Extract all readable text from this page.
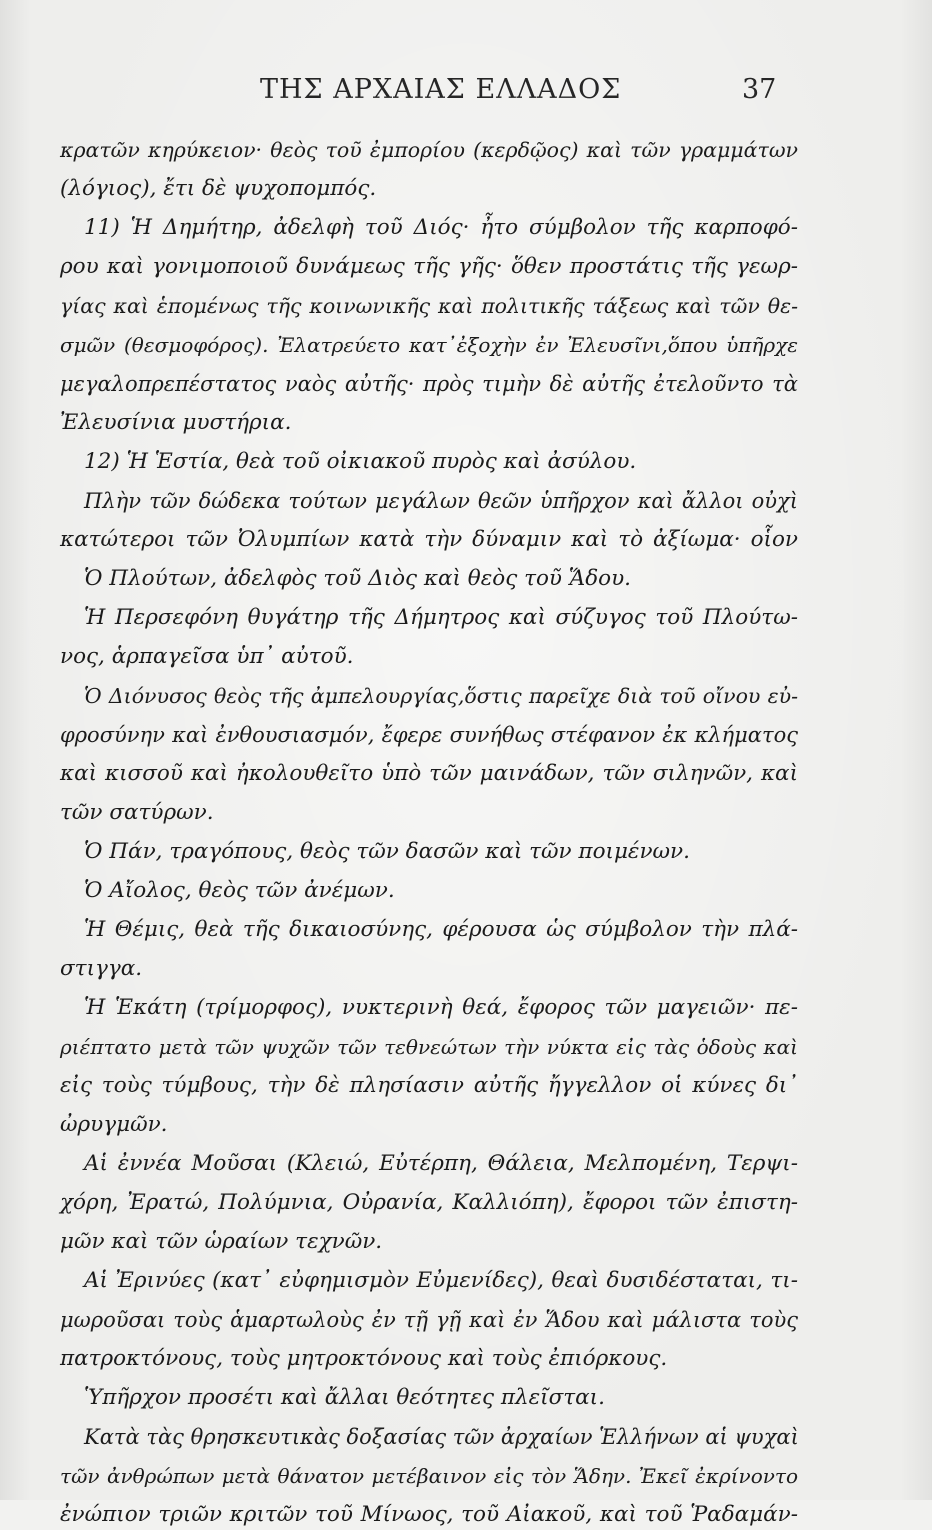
ΤΗΣ ΑΡΧΑΙΑΣ ΕΛΛΑΔΟΣ	37
κρατῶν κηρύκειον· θεὸς τοῦ ἐμπορίου (κερδῷος) καὶ τῶν γραμμάτων
(λόγιος), ἔτι δὲ ψυχοπομπός.
11) Ἡ Δημήτηρ, ἀδελφὴ τοῦ Διός· ἦτο σύμβολον τῆς καρποφό-
ρου καὶ γονιμοποιοῦ δυνάμεως τῆς γῆς· ὅθεν προστάτις τῆς γεωρ-
γίας καὶ ἑπομένως τῆς κοινωνικῆς καὶ πολιτικῆς τάξεως καὶ τῶν θε-
σμῶν (θεσμοφόρος). Ἐλατρεύετο κατ᾿ἐξοχὴν ἐν Ἐλευσῖνι,ὅπου ὑπῆρχε
μεγαλοπρεπέστατος ναὸς αὐτῆς· πρὸς τιμὴν δὲ αὐτῆς ἐτελοῦντο τὰ
Ἐλευσίνια μυστήρια.
12) Ἡ Ἑστία, θεὰ τοῦ οἰκιακοῦ πυρὸς καὶ ἀσύλου.
Πλὴν τῶν δώδεκα τούτων μεγάλων θεῶν ὑπῆρχον καὶ ἄλλοι οὐχὶ
κατώτεροι τῶν Ὀλυμπίων κατὰ τὴν δύναμιν καὶ τὸ ἀξίωμα· οἷον
Ὁ Πλούτων, ἀδελφὸς τοῦ Διὸς καὶ θεὸς τοῦ Ἅδου.
Ἡ Περσεφόνη θυγάτηρ τῆς Δήμητρος καὶ σύζυγος τοῦ Πλούτω-
νος, ἁρπαγεῖσα ὑπ᾿ αὐτοῦ.
Ὁ Διόνυσος θεὸς τῆς ἀμπελουργίας,ὅστις παρεῖχε διὰ τοῦ οἴνου εὐ-
φροσύνην καὶ ἐνθουσιασμόν, ἔφερε συνήθως στέφανον ἐκ κλήματος
καὶ κισσοῦ καὶ ἠκολουθεῖτο ὑπὸ τῶν μαινάδων, τῶν σιληνῶν, καὶ
τῶν σατύρων.
Ὁ Πάν, τραγόπους, θεὸς τῶν δασῶν καὶ τῶν ποιμένων.
Ὁ Αἴολος, θεὸς τῶν ἀνέμων.
Ἡ Θέμις, θεὰ τῆς δικαιοσύνης, φέρουσα ὡς σύμβολον τὴν πλά-
στιγγα.
Ἡ Ἑκάτη (τρίμορφος), νυκτερινὴ θεά, ἔφορος τῶν μαγειῶν· πε-
ριέπτατο μετὰ τῶν ψυχῶν τῶν τεθνεώτων τὴν νύκτα εἰς τὰς ὁδοὺς καὶ
εἰς τοὺς τύμβους, τὴν δὲ πλησίασιν αὐτῆς ἤγγελλον οἱ κύνες δι᾿
ὠρυγμῶν.
Αἱ ἐννέα Μοῦσαι (Κλειώ, Εὐτέρπη, Θάλεια, Μελπομένη, Τερψι-
χόρη, Ἐρατώ, Πολύμνια, Οὐρανία, Καλλιόπη), ἔφοροι τῶν ἐπιστη-
μῶν καὶ τῶν ὡραίων τεχνῶν.
Αἱ Ἐρινύες (κατ᾿ εὐφημισμὸν Εὐμενίδες), θεαὶ δυσιδέσταται, τι-
μωροῦσαι τοὺς ἁμαρτωλοὺς ἐν τῇ γῇ καὶ ἐν Ἅδου καὶ μάλιστα τοὺς
πατροκτόνους, τοὺς μητροκτόνους καὶ τοὺς ἐπιόρκους.
Ὑπῆρχον προσέτι καὶ ἄλλαι θεότητες πλεῖσται.
Κατὰ τὰς θρησκευτικὰς δοξασίας τῶν ἀρχαίων Ἑλλήνων αἱ ψυχαὶ
τῶν ἀνθρώπων μετὰ θάνατον μετέβαινον εἰς τὸν Ἅδην. Ἐκεῖ ἐκρίνοντο
ἐνώπιον τριῶν κριτῶν τοῦ Μίνωος, τοῦ Αἰακοῦ, καὶ τοῦ Ῥαδαμάν-
